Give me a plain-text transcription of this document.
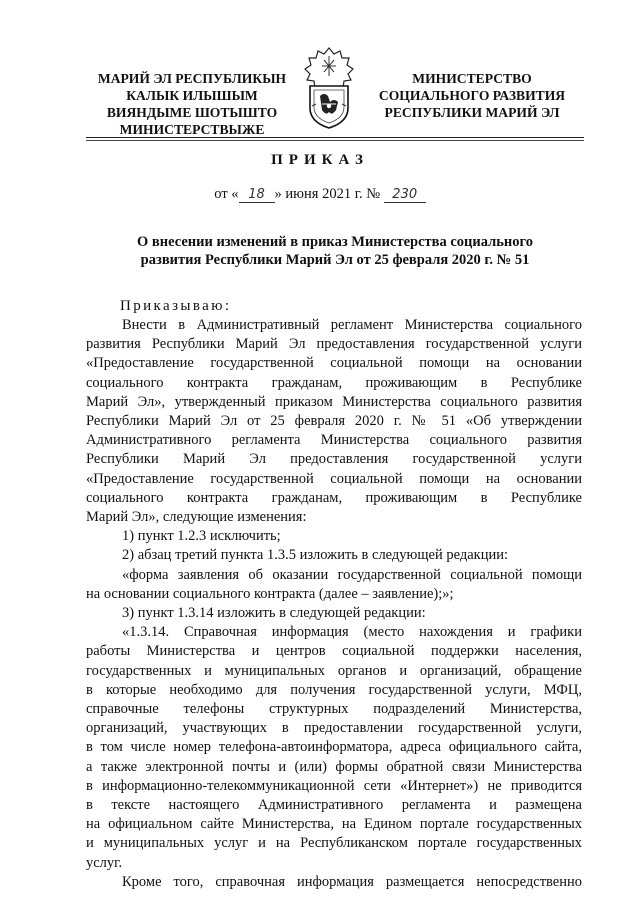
МАРИЙ ЭЛ РЕСПУБЛИКЫН
КАЛЫК ИЛЫШЫМ
ВИЯНДЫМЕ ШОТЫШТО
МИНИСТЕРСТВЫЖЕ
МИНИСТЕРСТВО
СОЦИАЛЬНОГО РАЗВИТИЯ
РЕСПУБЛИКИ МАРИЙ ЭЛ
ПРИКАЗ
от « 18 » июня 2021 г. № 230
О внесении изменений в приказ Министерства социального
развития Республики Марий Эл от 25 февраля 2020 г. № 51
Приказываю:

Внести в Административный регламент Министерства социального
развития Республики Марий Эл предоставления государственной услуги
«Предоставление государственной социальной помощи на основании
социального контракта гражданам, проживающим в Республике
Марий Эл», утвержденный приказом Министерства социального развития
Республики Марий Эл от 25 февраля 2020 г. № 51 «Об утверждении
Административного регламента Министерства социального развития
Республики Марий Эл предоставления государственной услуги
«Предоставление государственной социальной помощи на основании
социального контракта гражданам, проживающим в Республике

Марий Эл», следующие изменения:

1) пункт 1.2.3 исключить;

2) абзац третий пункта 1.3.5 изложить в следующей редакции:

«форма заявления об оказании государственной социальной помощи

на основании социального контракта (далее – заявление);»;

3) пункт 1.3.14 изложить в следующей редакции:

«1.3.14. Справочная информация (место нахождения и графики
работы Министерства и центров социальной поддержки населения,
государственных и муниципальных органов и организаций, обращение
в которые необходимо для получения государственной услуги, МФЦ,
справочные телефоны структурных подразделений Министерства,
организаций, участвующих в предоставлении государственной услуги,
в том числе номер телефона-автоинформатора, адреса официального сайта,
а также электронной почты и (или) формы обратной связи Министерства
в информационно-телекоммуникационной сети «Интернет») не приводится
в тексте настоящего Административного регламента и размещена
на официальном сайте Министерства, на Едином портале государственных
и муниципальных услуг и на Республиканском портале государственных

услуг.

Кроме того, справочная информация размещается непосредственно
